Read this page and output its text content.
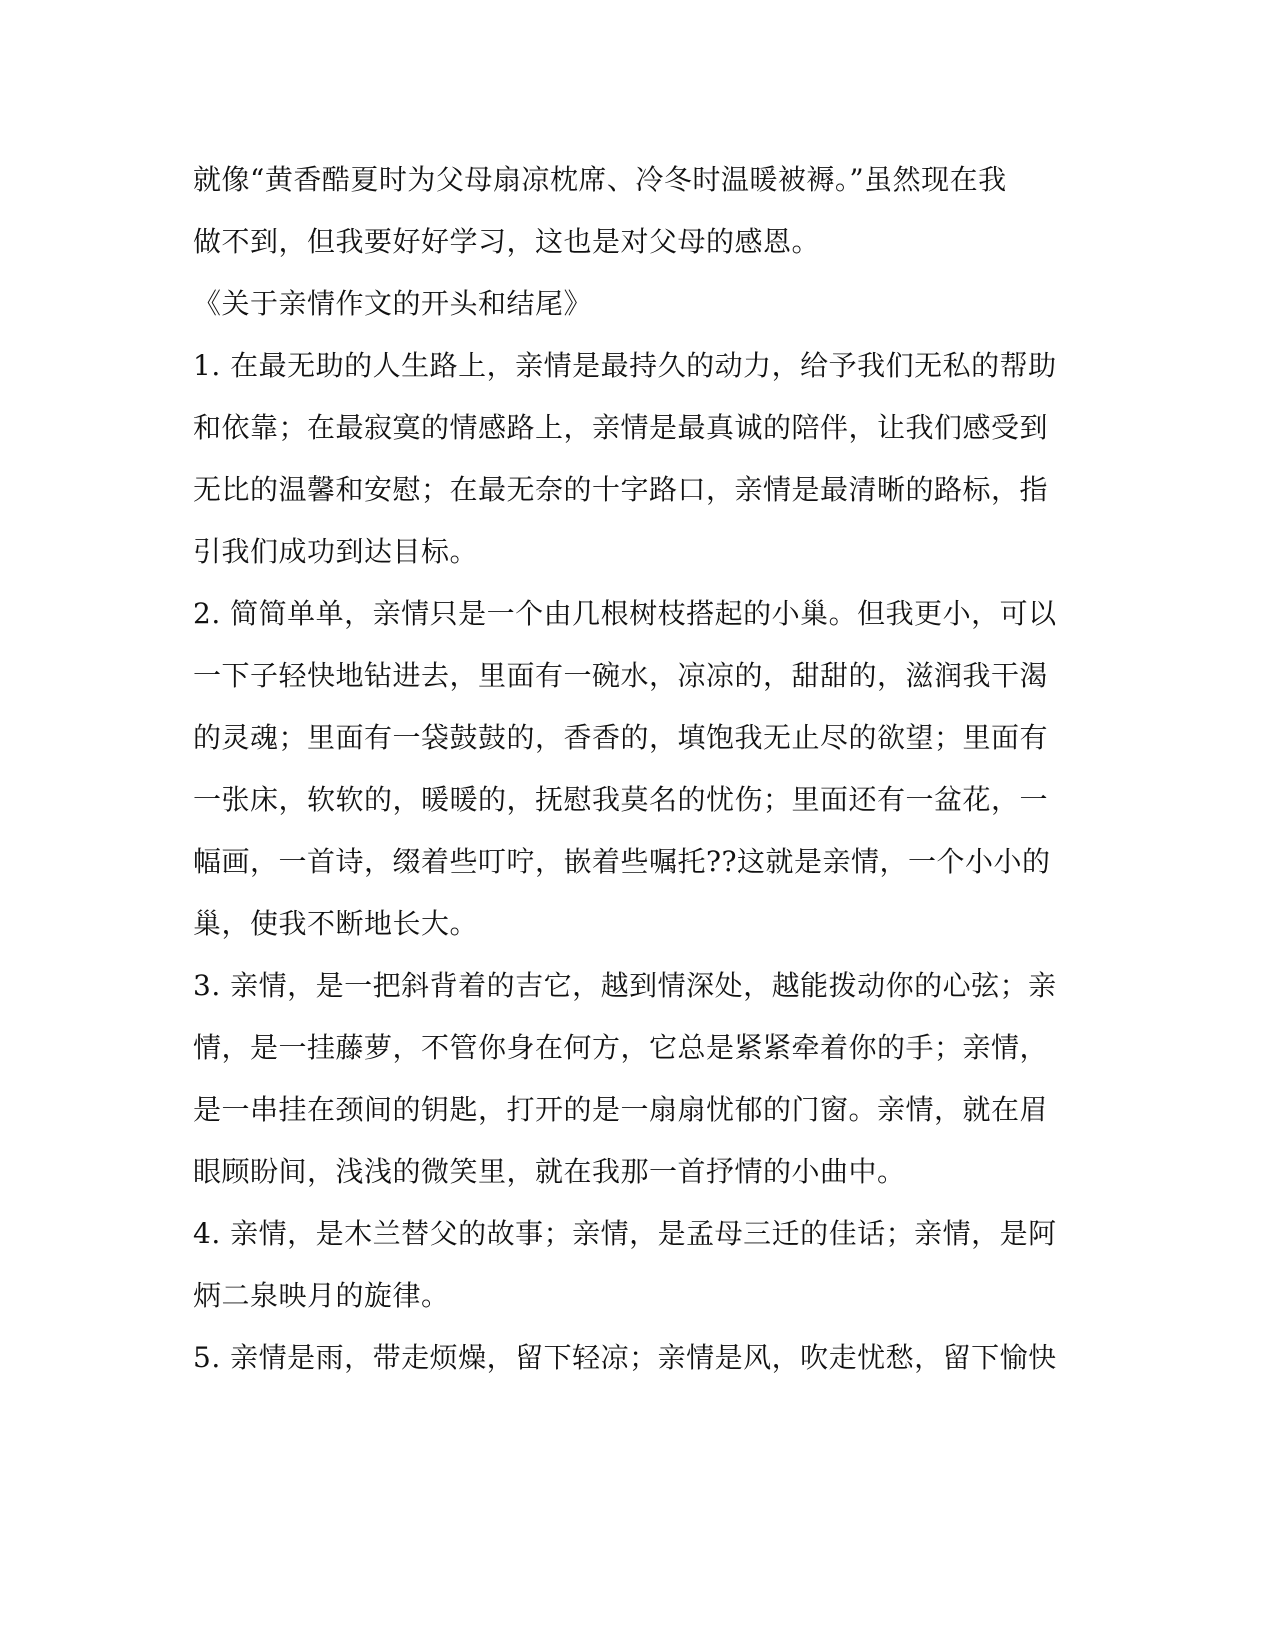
就像“黄香酷夏时为父母扇凉枕席、冷冬时温暖被褥。”虽然现在我
做不到，但我要好好学习，这也是对父母的感恩。
《关于亲情作文的开头和结尾》
1. 在最无助的人生路上，亲情是最持久的动力，给予我们无私的帮助
和依靠；在最寂寞的情感路上，亲情是最真诚的陪伴，让我们感受到
无比的温馨和安慰；在最无奈的十字路口，亲情是最清晰的路标，指
引我们成功到达目标。
2. 简简单单，亲情只是一个由几根树枝搭起的小巢。但我更小，可以
一下子轻快地钻进去，里面有一碗水，凉凉的，甜甜的，滋润我干渴
的灵魂；里面有一袋鼓鼓的，香香的，填饱我无止尽的欲望；里面有
一张床，软软的，暖暖的，抚慰我莫名的忧伤；里面还有一盆花，一
幅画，一首诗，缀着些叮咛，嵌着些嘱托??这就是亲情，一个小小的
巢，使我不断地长大。
3. 亲情，是一把斜背着的吉它，越到情深处，越能拨动你的心弦；亲
情，是一挂藤萝，不管你身在何方，它总是紧紧牵着你的手；亲情，
是一串挂在颈间的钥匙，打开的是一扇扇忧郁的门窗。亲情，就在眉
眼顾盼间，浅浅的微笑里，就在我那一首抒情的小曲中。
4. 亲情，是木兰替父的故事；亲情，是孟母三迁的佳话；亲情，是阿
炳二泉映月的旋律。
5. 亲情是雨，带走烦燥，留下轻凉；亲情是风，吹走忧愁，留下愉快
